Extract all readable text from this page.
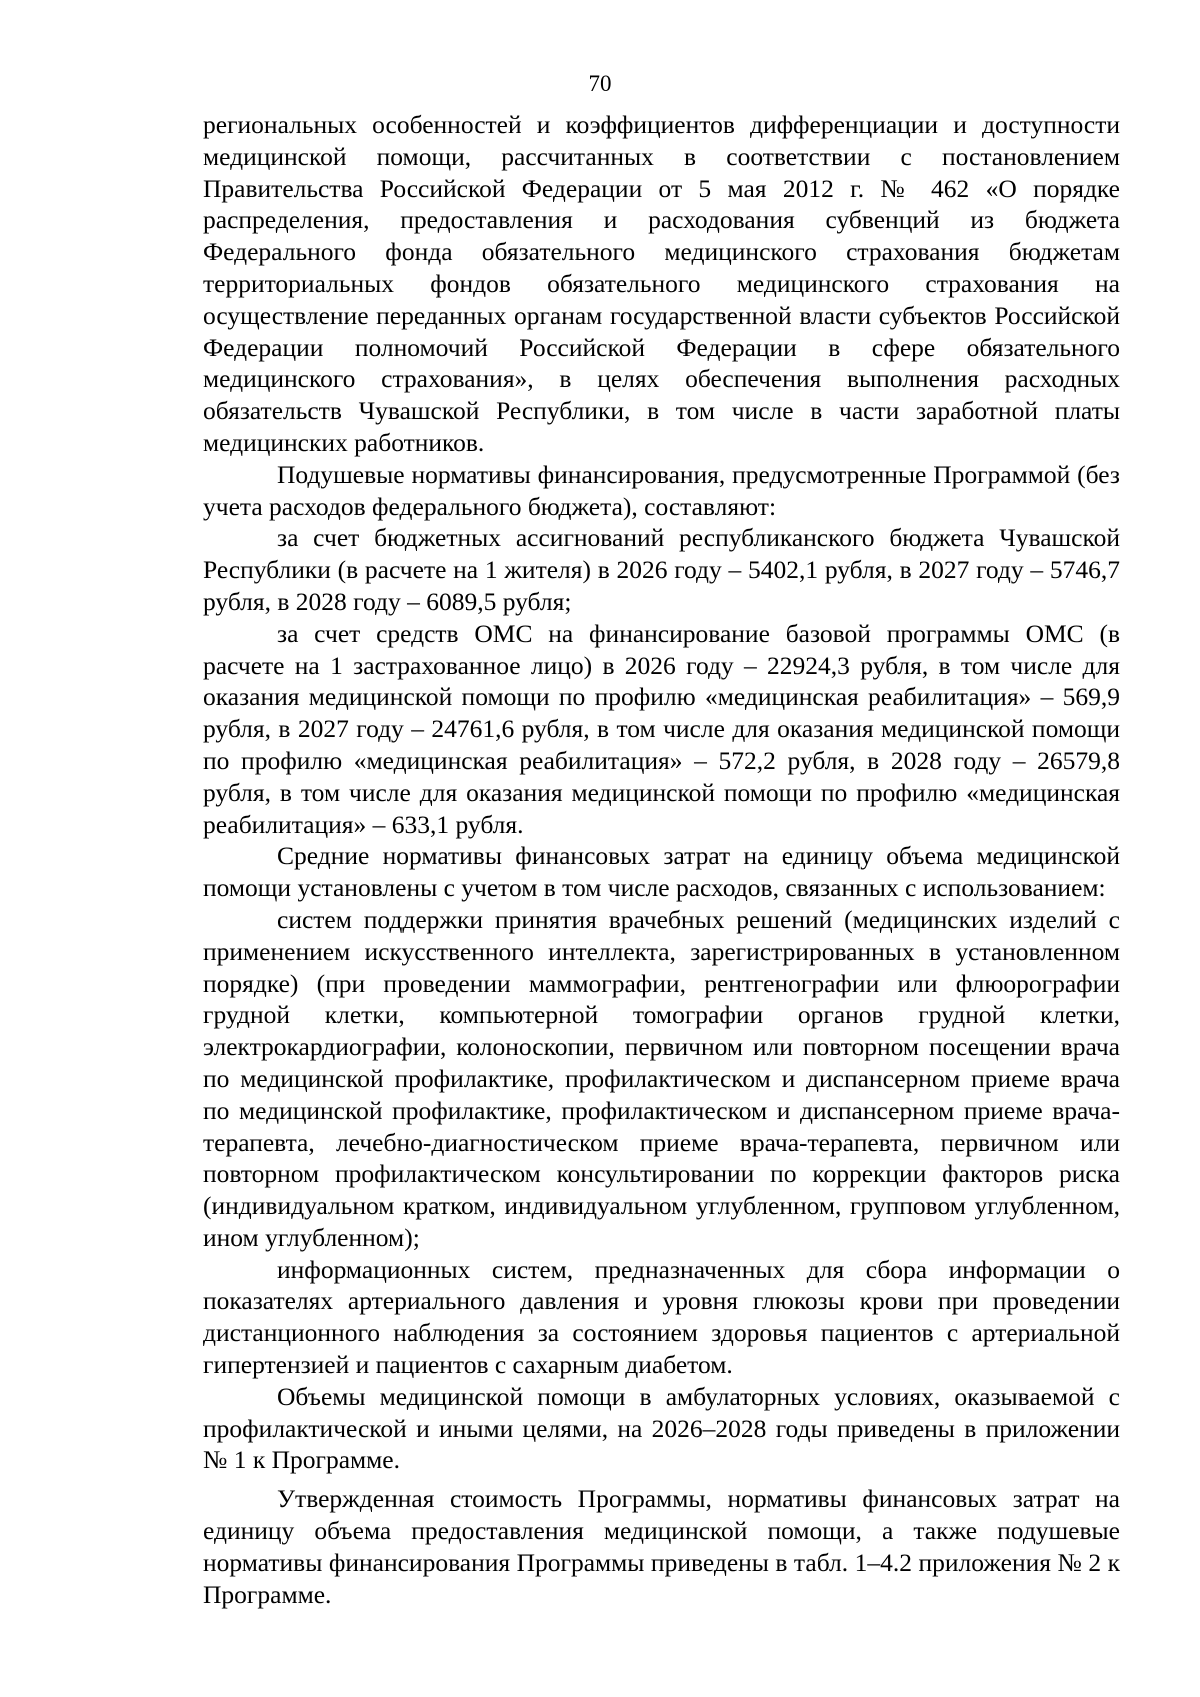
70

региональных особенностей и коэффициентов дифференциации и доступности медицинской помощи, рассчитанных в соответствии с постановлением Правительства Российской Федерации от 5 мая 2012 г. № 462 «О порядке распределения, предоставления и расходования субвенций из бюджета Федерального фонда обязательного медицинского страхования бюджетам территориальных фондов обязательного медицинского страхования на осуществление переданных органам государственной власти субъектов Российской Федерации полномочий Российской Федерации в сфере обязательного медицинского страхования», в целях обеспечения выполнения расходных обязательств Чувашской Республики, в том числе в части заработной платы медицинских работников.

Подушевые нормативы финансирования, предусмотренные Программой (без учета расходов федерального бюджета), составляют:

за счет бюджетных ассигнований республиканского бюджета Чувашской Республики (в расчете на 1 жителя) в 2026 году – 5402,1 рубля, в 2027 году – 5746,7 рубля, в 2028 году – 6089,5 рубля;

за счет средств ОМС на финансирование базовой программы ОМС (в расчете на 1 застрахованное лицо) в 2026 году – 22924,3 рубля, в том числе для оказания медицинской помощи по профилю «медицинская реабилитация» – 569,9 рубля, в 2027 году – 24761,6 рубля, в том числе для оказания медицинской помощи по профилю «медицинская реабилитация» – 572,2 рубля, в 2028 году – 26579,8 рубля, в том числе для оказания медицинской помощи по профилю «медицинская реабилитация» – 633,1 рубля.

Средние нормативы финансовых затрат на единицу объема медицинской помощи установлены с учетом в том числе расходов, связанных с использованием:

систем поддержки принятия врачебных решений (медицинских изделий с применением искусственного интеллекта, зарегистрированных в установленном порядке) (при проведении маммографии, рентгенографии или флюорографии грудной клетки, компьютерной томографии органов грудной клетки, электрокардиографии, колоноскопии, первичном или повторном посещении врача по медицинской профилактике, профилактическом и диспансерном приеме врача по медицинской профилактике, профилактическом и диспансерном приеме врача-терапевта, лечебно-диагностическом приеме врача-терапевта, первичном или повторном профилактическом консультировании по коррекции факторов риска (индивидуальном кратком, индивидуальном углубленном, групповом углубленном, ином углубленном);

информационных систем, предназначенных для сбора информации о показателях артериального давления и уровня глюкозы крови при проведении дистанционного наблюдения за состоянием здоровья пациентов с артериальной гипертензией и пациентов с сахарным диабетом.

Объемы медицинской помощи в амбулаторных условиях, оказываемой с профилактической и иными целями, на 2026–2028 годы приведены в приложении № 1 к Программе.

Утвержденная стоимость Программы, нормативы финансовых затрат на единицу объема предоставления медицинской помощи, а также подушевые нормативы финансирования Программы приведены в табл. 1–4.2 приложения № 2 к Программе.
